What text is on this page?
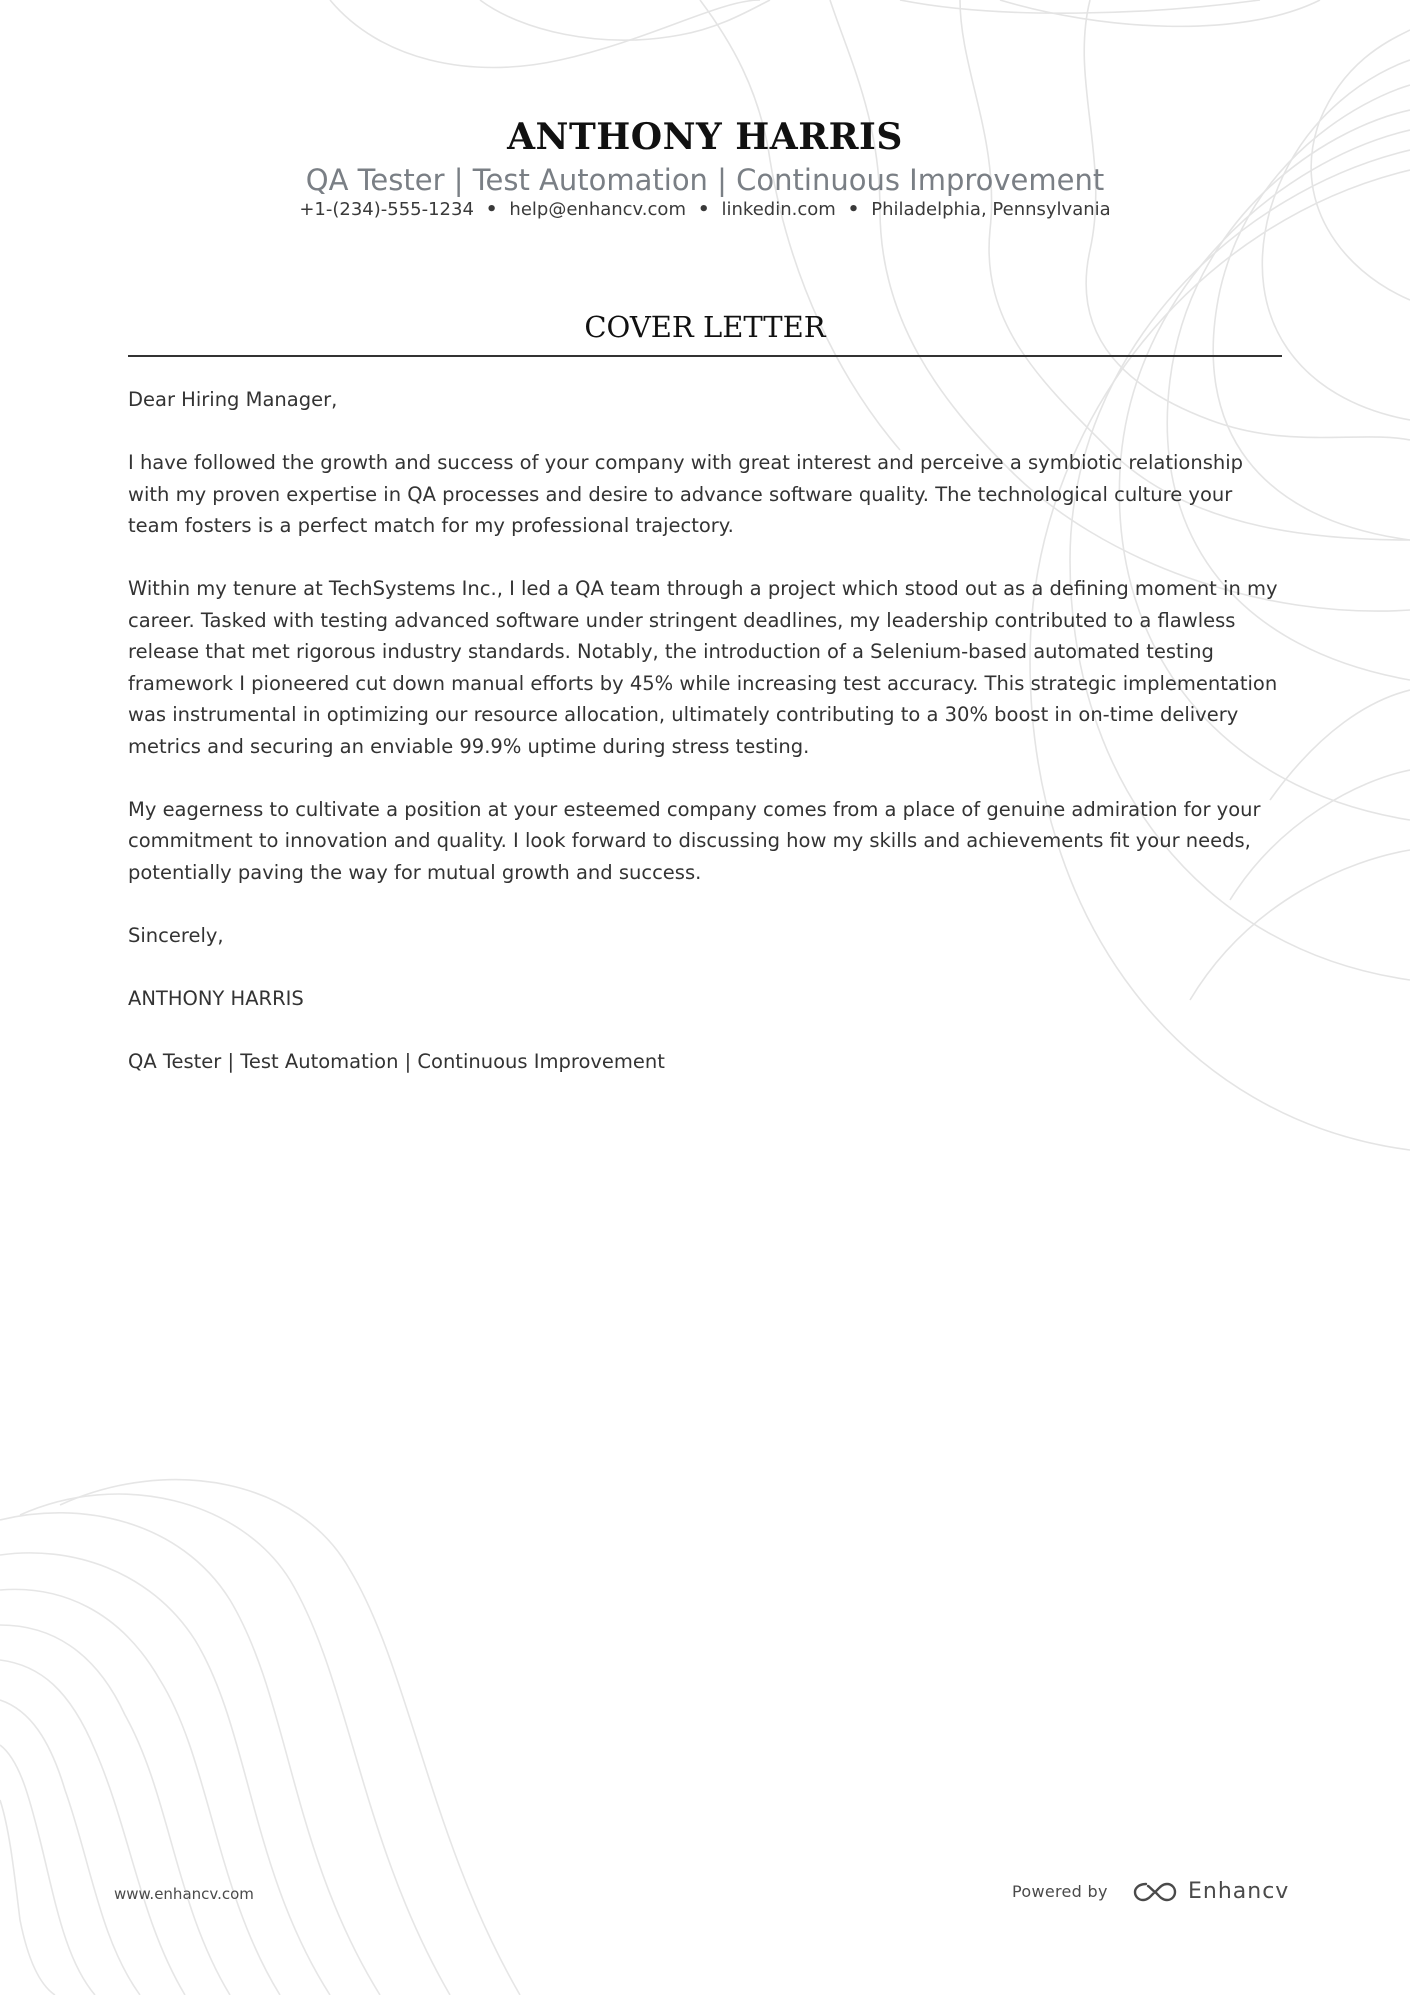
ANTHONY HARRIS
QA Tester | Test Automation | Continuous Improvement
+1-(234)-555-1234 • help@enhancv.com • linkedin.com • Philadelphia, Pennsylvania
COVER LETTER

Dear Hiring Manager,

I have followed the growth and success of your company with great interest and perceive a symbiotic relationship with my proven expertise in QA processes and desire to advance software quality. The technological culture your team fosters is a perfect match for my professional trajectory.

Within my tenure at TechSystems Inc., I led a QA team through a project which stood out as a defining moment in my career. Tasked with testing advanced software under stringent deadlines, my leadership contributed to a flawless release that met rigorous industry standards. Notably, the introduction of a Selenium-based automated testing framework I pioneered cut down manual efforts by 45% while increasing test accuracy. This strategic implementation was instrumental in optimizing our resource allocation, ultimately contributing to a 30% boost in on-time delivery metrics and securing an enviable 99.9% uptime during stress testing.

My eagerness to cultivate a position at your esteemed company comes from a place of genuine admiration for your commitment to innovation and quality. I look forward to discussing how my skills and achievements fit your needs, potentially paving the way for mutual growth and success.

Sincerely,

ANTHONY HARRIS

QA Tester | Test Automation | Continuous Improvement

www.enhancv.com	Powered by	Enhancv
